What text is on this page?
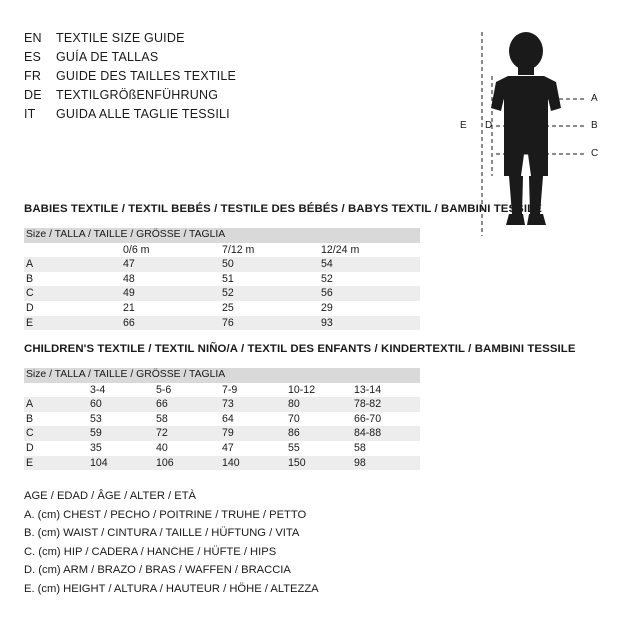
EN	TEXTILE SIZE GUIDE
ES	GUÍA DE TALLAS
FR	GUIDE DES TAILLES TEXTILE
DE	TEXTILGRÖßENFÜHRUNG
IT	GUIDA ALLE TAGLIE TESSILI
A
B
C
D
E
BABIES TEXTILE / TEXTIL BEBÉS / TESTILE DES BÉBÉS / BABYS TEXTIL / BAMBINI TESSILE
Size / TALLA / TAILLE / GRÖSSE / TAGLIA			
	0/6 m	7/12 m	12/24 m
A	47	50	54
B	48	51	52
C	49	52	56
D	21	25	29
E	66	76	93
CHILDREN'S TEXTILE / TEXTIL NIÑO/A / TEXTIL DES ENFANTS / KINDERTEXTIL / BAMBINI TESSILE
Size / TALLA / TAILLE / GRÖSSE / TAGLIA					
	3-4	5-6	7-9	10-12	13-14
A	60	66	73	80	78-82
B	53	58	64	70	66-70
C	59	72	79	86	84-88
D	35	40	47	55	58
E	104	106	140	150	98
AGE / EDAD / ÂGE / ALTER / ETÀ
A. (cm) CHEST / PECHO / POITRINE / TRUHE / PETTO
B. (cm) WAIST / CINTURA / TAILLE / HÜFTUNG / VITA
C. (cm) HIP / CADERA / HANCHE / HÜFTE / HIPS
D. (cm) ARM / BRAZO / BRAS / WAFFEN / BRACCIA
E. (cm) HEIGHT / ALTURA / HAUTEUR / HÖHE / ALTEZZA
